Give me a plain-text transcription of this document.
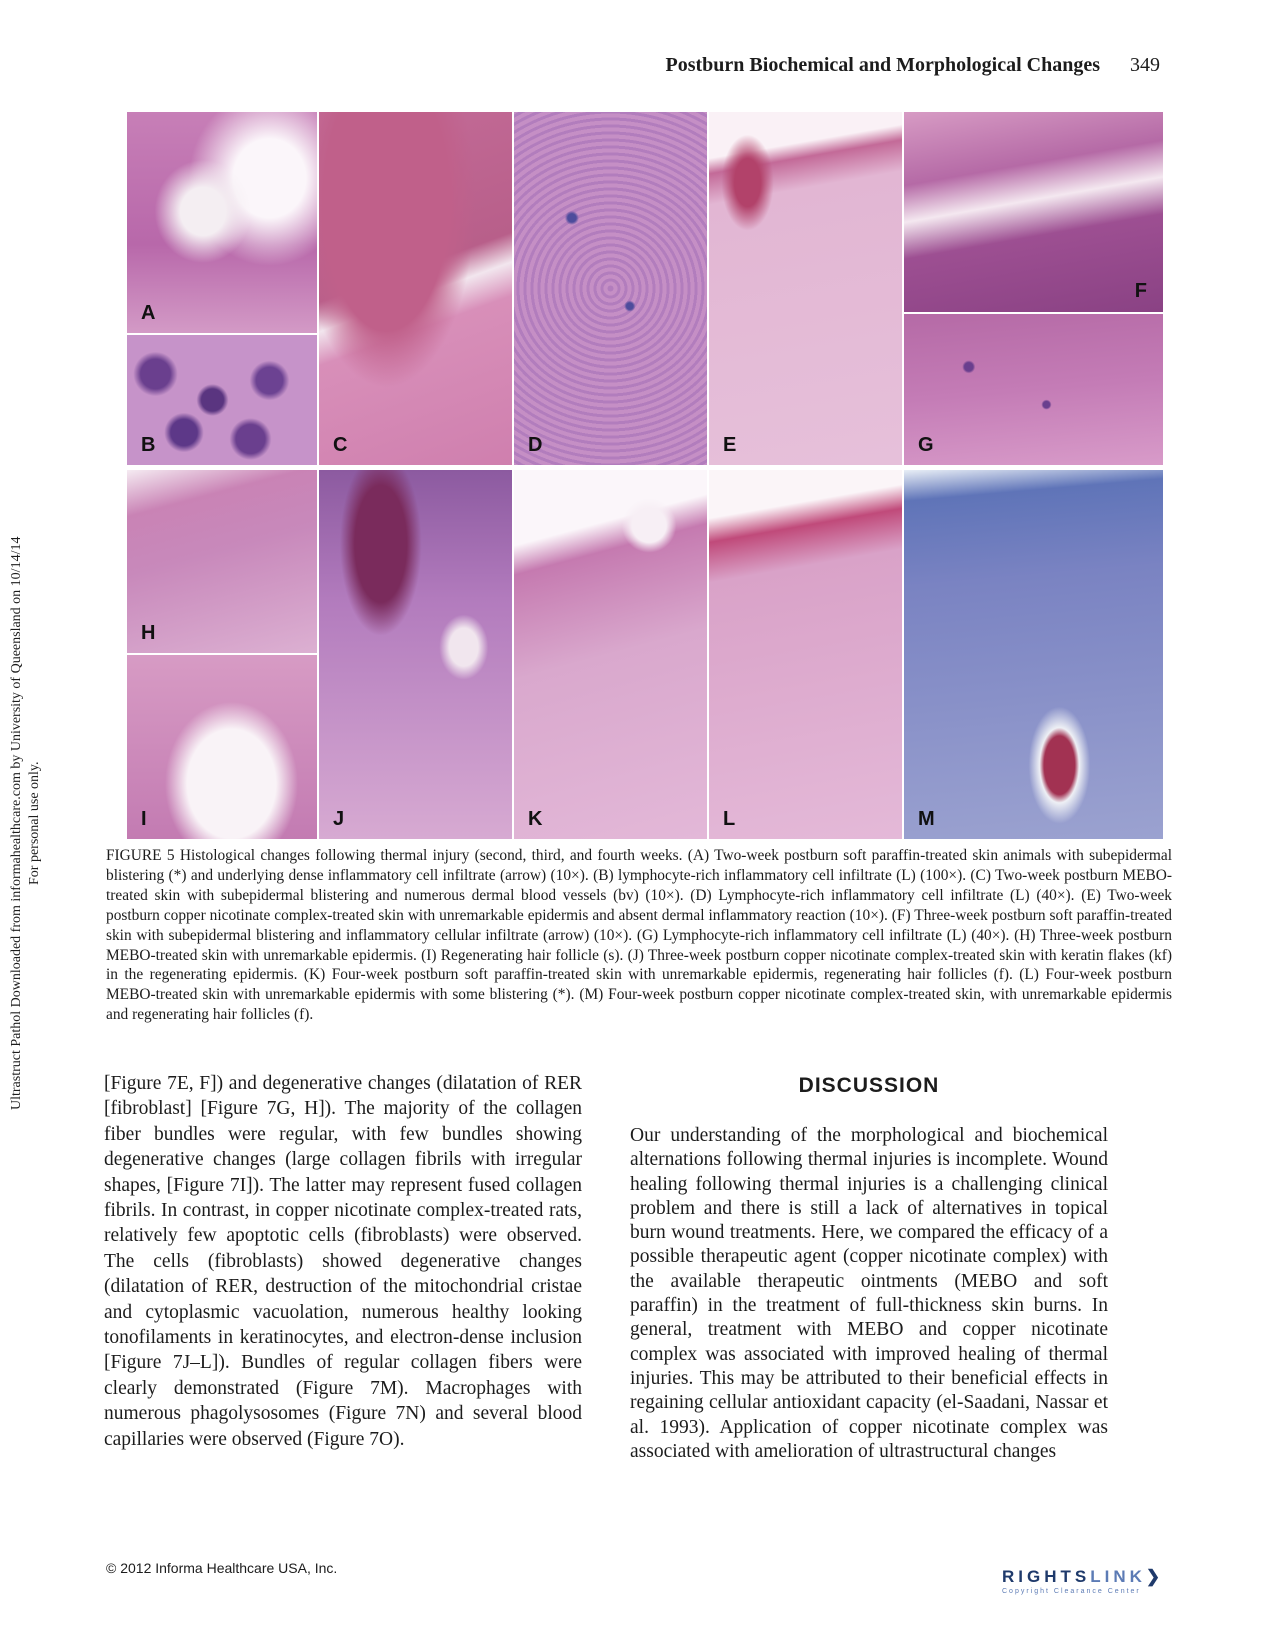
Postburn Biochemical and Morphological Changes 349
Ultrastruct Pathol Downloaded from informahealthcare.com by University of Queensland on 10/14/14 For personal use only.
A
B	C	D	E
F
G
H
I	J	K	L	M
FIGURE 5 Histological changes following thermal injury (second, third, and fourth weeks. (A) Two-week postburn soft paraffin-treated skin animals with subepidermal blistering (*) and underlying dense inflammatory cell infiltrate (arrow) (10×). (B) lymphocyte-rich inflammatory cell infiltrate (L) (100×). (C) Two-week postburn MEBO-treated skin with subepidermal blistering and numerous dermal blood vessels (bv) (10×). (D) Lymphocyte-rich inflammatory cell infiltrate (L) (40×). (E) Two-week postburn copper nicotinate complex-treated skin with unremarkable epidermis and absent dermal inflammatory reaction (10×). (F) Three-week postburn soft paraffin-treated skin with subepidermal blistering and inflammatory cellular infiltrate (arrow) (10×). (G) Lymphocyte-rich inflammatory cell infiltrate (L) (40×). (H) Three-week postburn MEBO-treated skin with unremarkable epidermis. (I) Regenerating hair follicle (s). (J) Three-week postburn copper nicotinate complex-treated skin with keratin flakes (kf) in the regenerating epidermis. (K) Four-week postburn soft paraffin-treated skin with unremarkable epidermis, regenerating hair follicles (f). (L) Four-week postburn MEBO-treated skin with unremarkable epidermis with some blistering (*). (M) Four-week postburn copper nicotinate complex-treated skin, with unremarkable epidermis and regenerating hair follicles (f).
[Figure 7E, F]) and degenerative changes (dilatation of RER [fibroblast] [Figure 7G, H]). The majority of the collagen fiber bundles were regular, with few bundles showing degenerative changes (large collagen fibrils with irregular shapes, [Figure 7I]). The latter may represent fused collagen fibrils. In contrast, in copper nicotinate complex-treated rats, relatively few apoptotic cells (fibroblasts) were observed. The cells (fibroblasts) showed degenerative changes (dilatation of RER, destruction of the mitochondrial cristae and cytoplasmic vacuolation, numerous healthy looking tonofilaments in keratinocytes, and electron-dense inclusion [Figure 7J–L]). Bundles of regular collagen fibers were clearly demonstrated (Figure 7M). Macrophages with numerous phagolysosomes (Figure 7N) and several blood capillaries were observed (Figure 7O).
DISCUSSION
Our understanding of the morphological and biochemical alternations following thermal injuries is incomplete. Wound healing following thermal injuries is a challenging clinical problem and there is still a lack of alternatives in topical burn wound treatments. Here, we compared the efficacy of a possible therapeutic agent (copper nicotinate complex) with the available therapeutic ointments (MEBO and soft paraffin) in the treatment of full-thickness skin burns. In general, treatment with MEBO and copper nicotinate complex was associated with improved healing of thermal injuries. This may be attributed to their beneficial effects in regaining cellular antioxidant capacity (el-Saadani, Nassar et al. 1993). Application of copper nicotinate complex was associated with amelioration of ultrastructural changes
© 2012 Informa Healthcare USA, Inc.	RIGHTSLINK❯
Copyright Clearance Center
